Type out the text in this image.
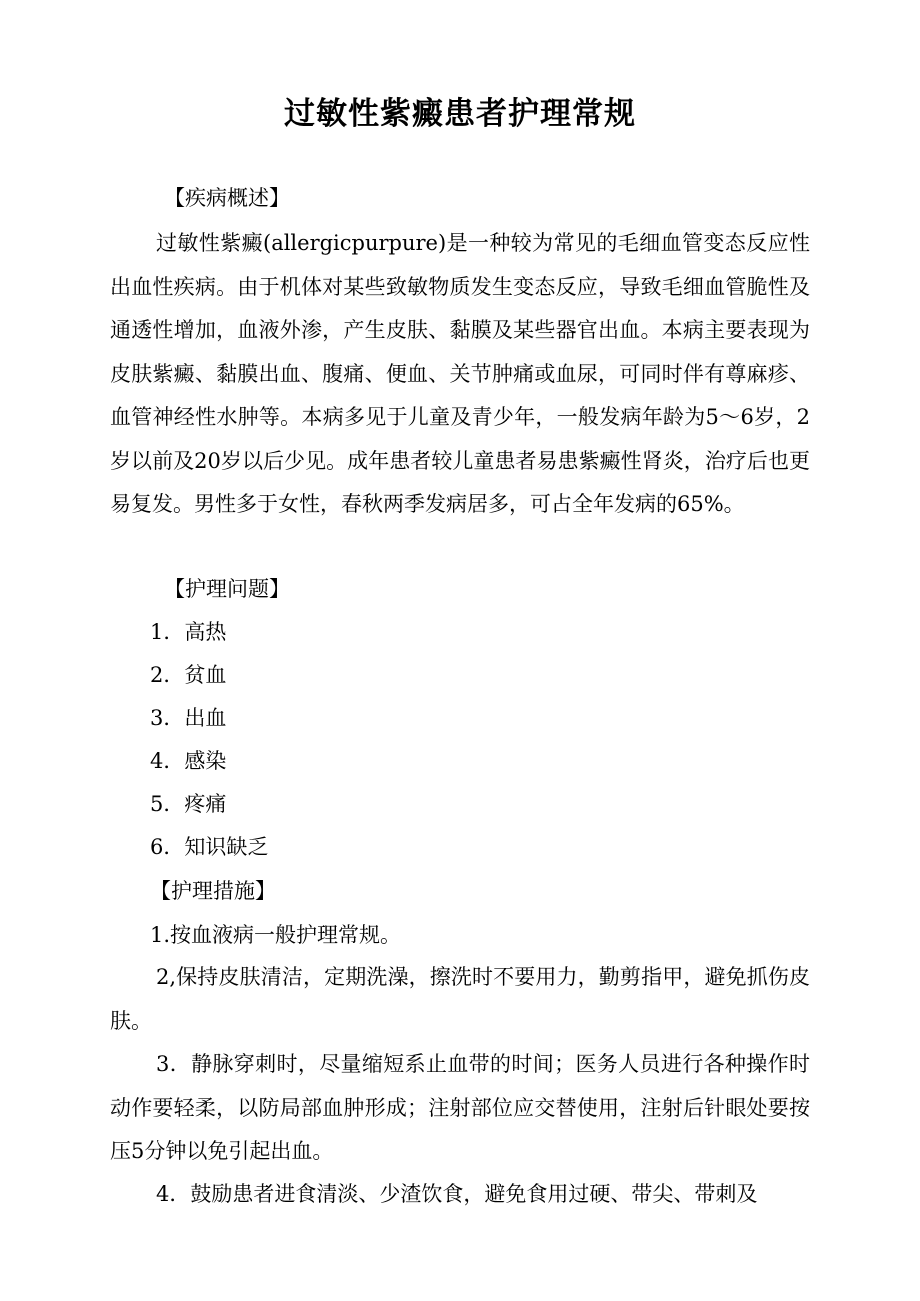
过敏性紫癜患者护理常规
【疾病概述】

过敏性紫癜(allergicpurpure)是一种较为常见的毛细血管变态反应性出血性疾病。由于机体对某些致敏物质发生变态反应，导致毛细血管脆性及通透性增加，血液外渗，产生皮肤、黏膜及某些器官出血。本病主要表现为皮肤紫癜、黏膜出血、腹痛、便血、关节肿痛或血尿，可同时伴有尊麻疹、血管神经性水肿等。本病多见于儿童及青少年，一般发病年龄为5～6岁，2岁以前及20岁以后少见。成年患者较儿童患者易患紫癜性肾炎，治疗后也更易复发。男性多于女性，春秋两季发病居多，可占全年发病的65%。

【护理问题】
1．高热
2．贫血
3．出血
4．感染
5．疼痛
6．知识缺乏
【护理措施】
1.按血液病一般护理常规。

2,保持皮肤清洁，定期洗澡，擦洗时不要用力，勤剪指甲，避免抓伤皮肤。

3．静脉穿刺时，尽量缩短系止血带的时间；医务人员进行各种操作时动作要轻柔，以防局部血肿形成；注射部位应交替使用，注射后针眼处要按压5分钟以免引起出血。

4．鼓励患者进食清淡、少渣饮食，避免食用过硬、带尖、带刺及
